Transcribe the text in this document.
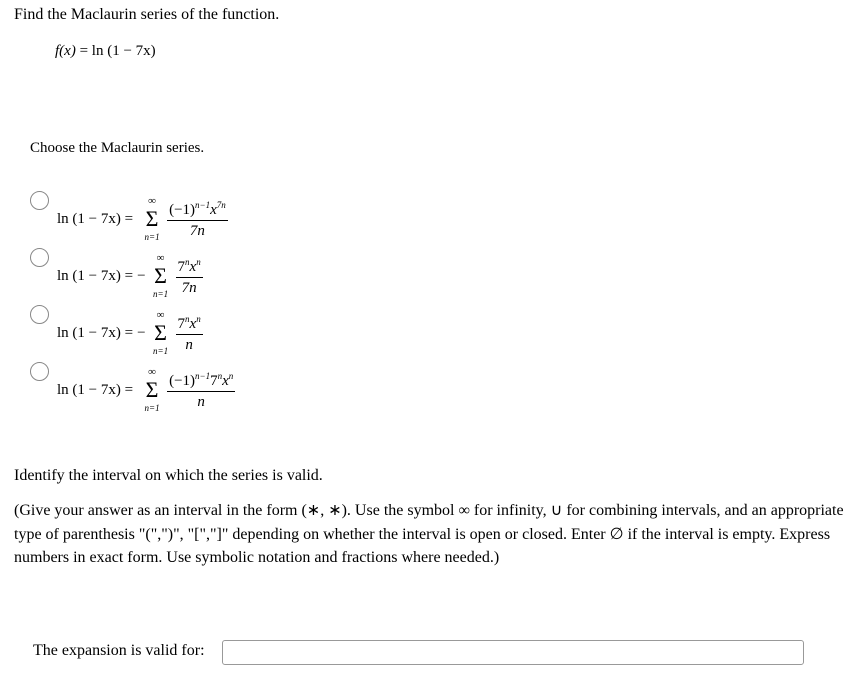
Find the Maclaurin series of the function.

f(x) = ln (1 − 7x)

Choose the Maclaurin series.

ln (1 − 7x) =
∞
Σ
$n=1 \frac{(-1)^{n-1}x^{7n}}{7n}$
ln (1 − 7x) = −
∞
Σ
$n=1 \frac{7^nx^n}{7n}$
ln (1 − 7x) = −
∞
Σ
$n=1 \frac{7^nx^n}{n}$
ln (1 − 7x) =
∞
Σ
$n=1 \frac{(-1)^{n-1}7^nx^n}{n}$

Identify the interval on which the series is valid.

(Give your answer as an interval in the form (∗, ∗). Use the symbol ∞ for infinity, ∪ for combining intervals, and an appropriate type of parenthesis "(",")", "[","]" depending on whether the interval is open or closed. Enter ∅ if the interval is empty. Express numbers in exact form. Use symbolic notation and fractions where needed.)

The expansion is valid for:
